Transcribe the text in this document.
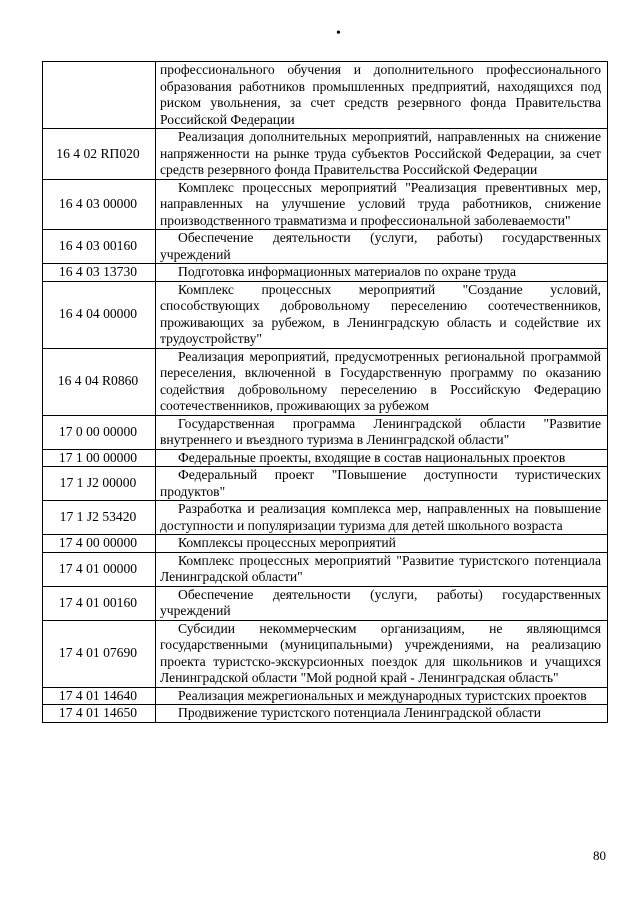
•
	профессионального обучения и дополнительного профессионального образования работников промышленных предприятий, находящихся под риском увольнения, за счет средств резервного фонда Правительства Российской Федерации
16 4 02 RП020	Реализация дополнительных мероприятий, направленных на снижение напряженности на рынке труда субъектов Российской Федерации, за счет средств резервного фонда Правительства Российской Федерации
16 4 03 00000	Комплекс процессных мероприятий "Реализация превентивных мер, направленных на улучшение условий труда работников, снижение производственного травматизма и профессиональной заболеваемости"
16 4 03 00160	Обеспечение деятельности (услуги, работы) государственных учреждений
16 4 03 13730	Подготовка информационных материалов по охране труда
16 4 04 00000	Комплекс процессных мероприятий "Создание условий, способствующих добровольному переселению соотечественников, проживающих за рубежом, в Ленинградскую область и содействие их трудоустройству"
16 4 04 R0860	Реализация мероприятий, предусмотренных региональной программой переселения, включенной в Государственную программу по оказанию содействия добровольному переселению в Российскую Федерацию соотечественников, проживающих за рубежом
17 0 00 00000	Государственная программа Ленинградской области "Развитие внутреннего и въездного туризма в Ленинградской области"
17 1 00 00000	Федеральные проекты, входящие в состав национальных проектов
17 1 J2 00000	Федеральный проект "Повышение доступности туристических продуктов"
17 1 J2 53420	Разработка и реализация комплекса мер, направленных на повышение доступности и популяризации туризма для детей школьного возраста
17 4 00 00000	Комплексы процессных мероприятий
17 4 01 00000	Комплекс процессных мероприятий "Развитие туристского потенциала Ленинградской области"
17 4 01 00160	Обеспечение деятельности (услуги, работы) государственных учреждений
17 4 01 07690	Субсидии некоммерческим организациям, не являющимся государственными (муниципальными) учреждениями, на реализацию проекта туристско-экскурсионных поездок для школьников и учащихся Ленинградской области "Мой родной край - Ленинградская область"
17 4 01 14640	Реализация межрегиональных и международных туристских проектов
17 4 01 14650	Продвижение туристского потенциала Ленинградской области
80
